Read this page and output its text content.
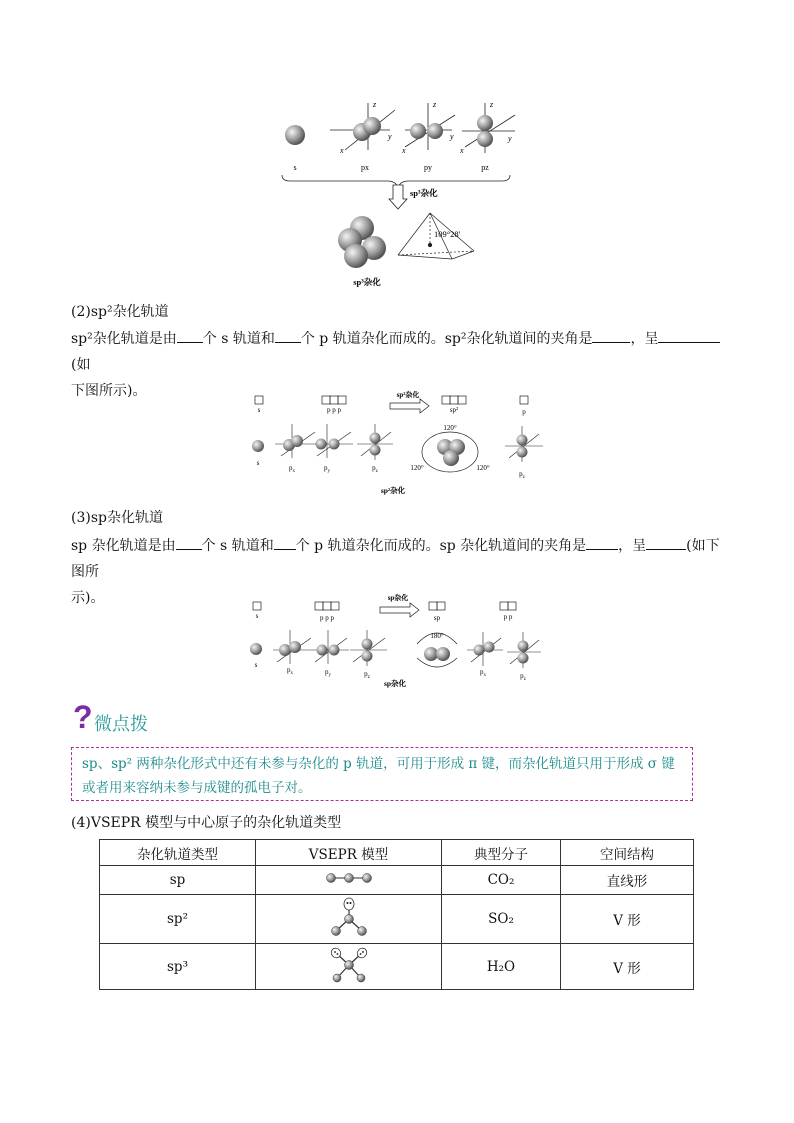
s
z
x
y
px
z
x
y
py
z
x
y
pz
sp³杂化
109°28′
sp³杂化
(2)sp²杂化轨道
sp²杂化轨道是由 个 s 轨道和 个 p 轨道杂化而成的。sp²杂化轨道间的夹角是	，呈(如
下图所示)。
s	p p p
sp²杂化
sp²	p
s
$p_x$	$p_y$	$p_z$
120°
120°	120°
$p_z$
sp²杂化
(3)sp杂化轨道
sp 杂化轨道是由 个 s 轨道和 个 p 轨道杂化而成的。sp 杂化轨道间的夹角是 ，呈	(如下图所
示)。
s	p p p
sp杂化
sp	p p
s
$p_x$	$p_y$	$p_z$
180°
$p_x$	$p_z$
sp杂化
? 微点拨
sp、sp² 两种杂化形式中还有未参与杂化的 p 轨道，可用于形成 π 键，而杂化轨道只用于形成 σ 键或者用来容纳未参与成键的孤电子对。
(4)VSEPR 模型与中心原子的杂化轨道类型
杂化轨道类型	VSEPR 模型	典型分子	空间结构
sp		CO₂	直线形
sp²		SO₂	V 形
sp³		H₂O	V 形
